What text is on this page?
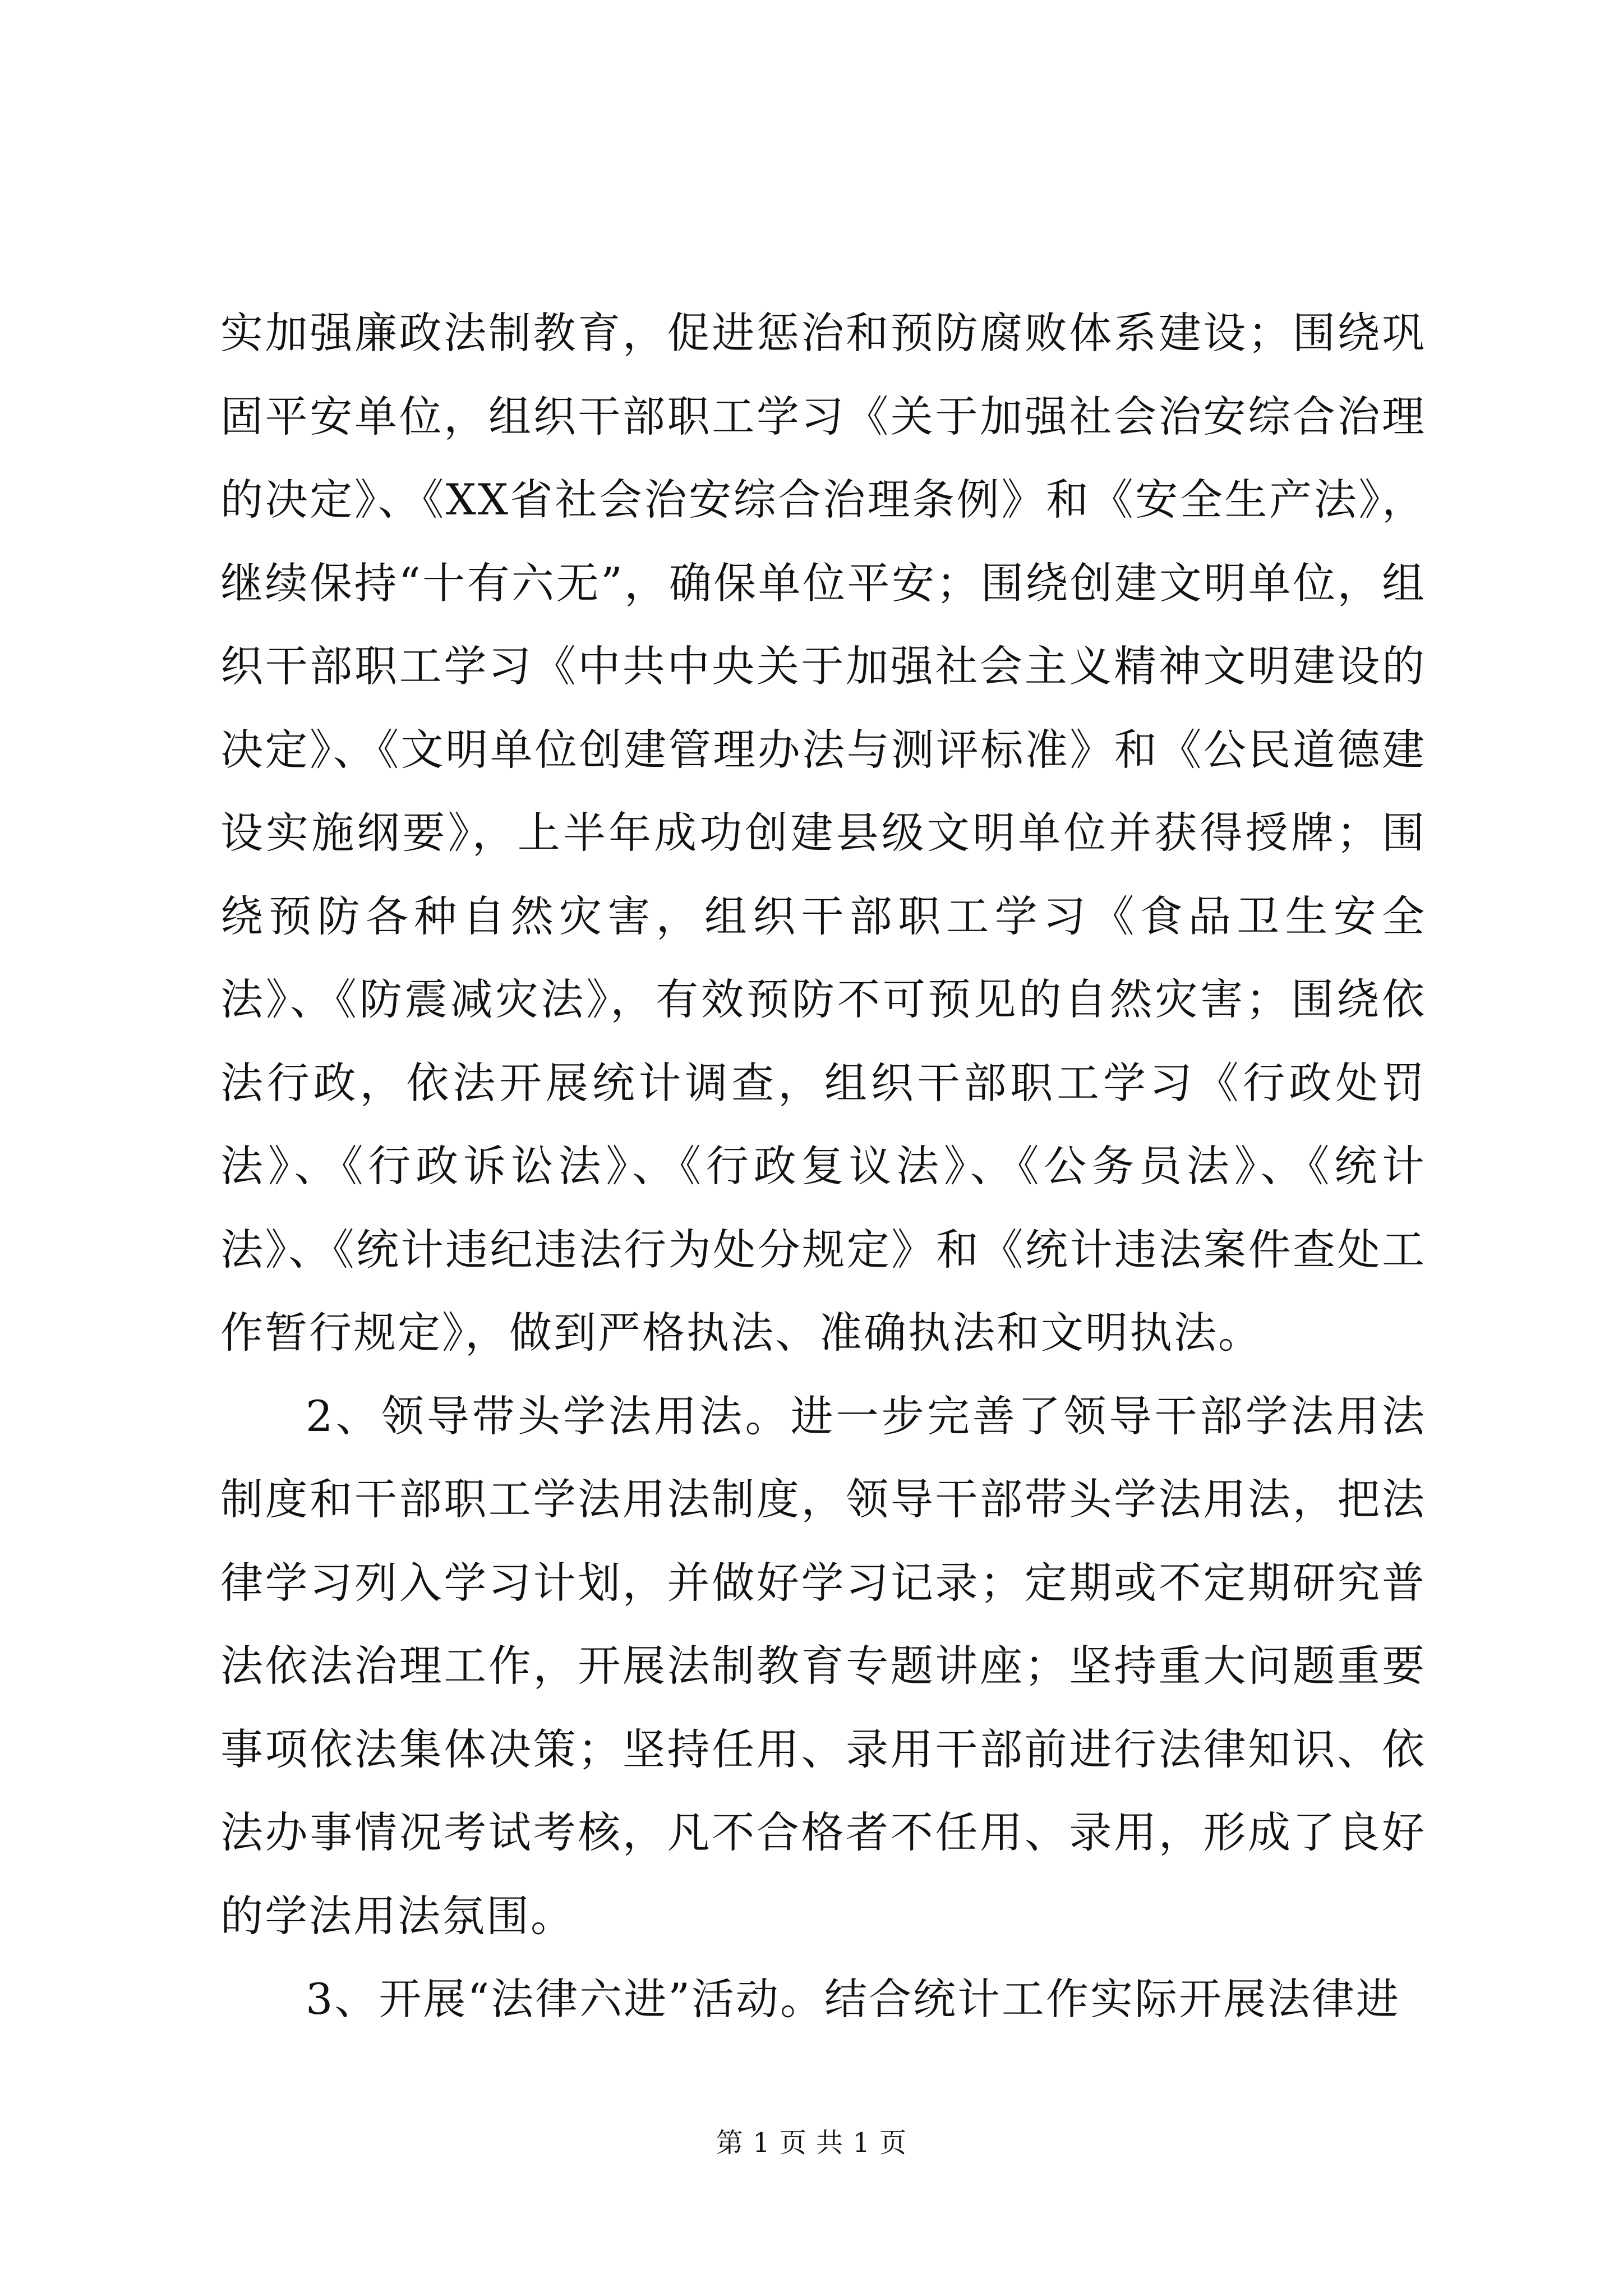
实加强廉政法制教育，促进惩治和预防腐败体系建设；围绕巩固平安单位，组织干部职工学习《关于加强社会治安综合治理的决定》、《XX省社会治安综合治理条例》和《安全生产法》，继续保持“十有六无”，确保单位平安；围绕创建文明单位，组织干部职工学习《中共中央关于加强社会主义精神文明建设的决定》、《文明单位创建管理办法与测评标准》和《公民道德建设实施纲要》，上半年成功创建县级文明单位并获得授牌；围绕预防各种自然灾害，组织干部职工学习《食品卫生安全法》、《防震减灾法》，有效预防不可预见的自然灾害；围绕依法行政，依法开展统计调查，组织干部职工学习《行政处罚法》、《行政诉讼法》、《行政复议法》、《公务员法》、《统计法》、《统计违纪违法行为处分规定》和《统计违法案件查处工作暂行规定》，做到严格执法、准确执法和文明执法。

2、领导带头学法用法。进一步完善了领导干部学法用法制度和干部职工学法用法制度，领导干部带头学法用法，把法律学习列入学习计划，并做好学习记录；定期或不定期研究普法依法治理工作，开展法制教育专题讲座；坚持重大问题重要事项依法集体决策；坚持任用、录用干部前进行法律知识、依法办事情况考试考核，凡不合格者不任用、录用，形成了良好的学法用法氛围。

3、开展“法律六进”活动。结合统计工作实际开展法律进

第 1 页 共 1 页
